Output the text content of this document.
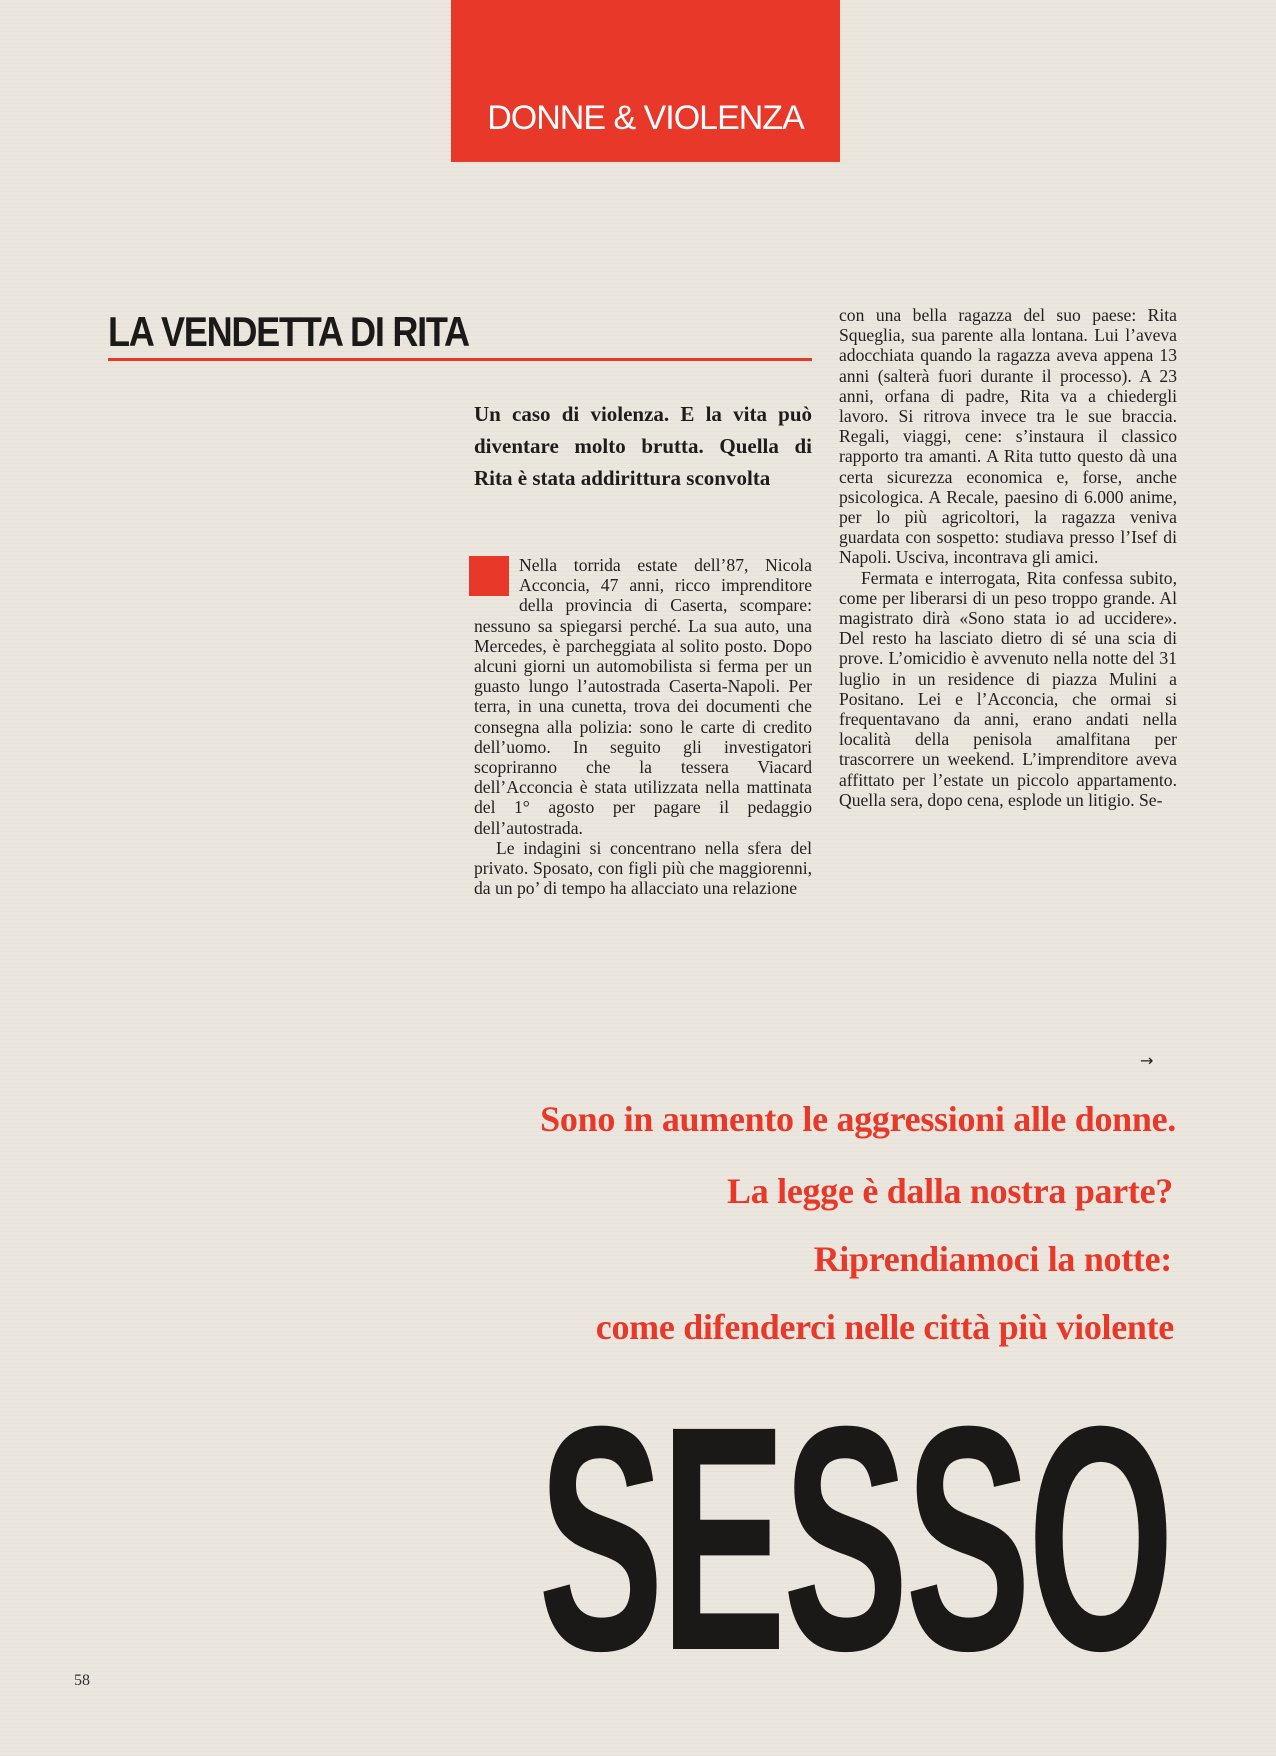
DONNE & VIOLENZA
LA VENDETTA DI RITA

Un caso di violenza. E la vita può diventare molto brutta. Quella di Rita è stata addirittura sconvolta

Nella torrida estate dell’87, Nicola Acconcia, 47 anni, ricco imprenditore della provincia di Caserta, scompare: nessuno sa spiegarsi perché. La sua auto, una Mercedes, è parcheggiata al solito posto. Dopo alcuni giorni un automobilista si ferma per un guasto lungo l’autostrada Caserta-Napoli. Per terra, in una cunetta, trova dei documenti che consegna alla polizia: sono le carte di credito dell’uomo. In seguito gli investigatori scopriranno che la tessera Viacard dell’Acconcia è stata utilizzata nella mattinata del 1° agosto per pagare il pedaggio dell’autostrada.

Le indagini si concentrano nella sfera del privato. Sposato, con figli più che maggiorenni, da un po’ di tempo ha allacciato una relazione

con una bella ragazza del suo paese: Rita Squeglia, sua parente alla lontana. Lui l’aveva adocchiata quando la ragazza aveva appena 13 anni (salterà fuori durante il processo). A 23 anni, orfana di padre, Rita va a chiedergli lavoro. Si ritrova invece tra le sue braccia. Regali, viaggi, cene: s’instaura il classico rapporto tra amanti. A Rita tutto questo dà una certa sicurezza economica e, forse, anche psicologica. A Recale, paesino di 6.000 anime, per lo più agricoltori, la ragazza veniva guardata con sospetto: studiava presso l’Isef di Napoli. Usciva, incontrava gli amici.

Fermata e interrogata, Rita confessa subito, come per liberarsi di un peso troppo grande. Al magistrato dirà «Sono stata io ad uccidere». Del resto ha lasciato dietro di sé una scia di prove. L’omicidio è avvenuto nella notte del 31 luglio in un residence di piazza Mulini a Positano. Lei e l’Acconcia, che ormai si frequentavano da anni, erano andati nella località della penisola amalfitana per trascorrere un weekend. L’imprenditore aveva affittato per l’estate un piccolo appartamento. Quella sera, dopo cena, esplode un litigio. Se-

→

Sono in aumento le aggressioni alle donne.

La legge è dalla nostra parte?

Riprendiamoci la notte:

come difenderci nelle città più violente

SESSO
58
